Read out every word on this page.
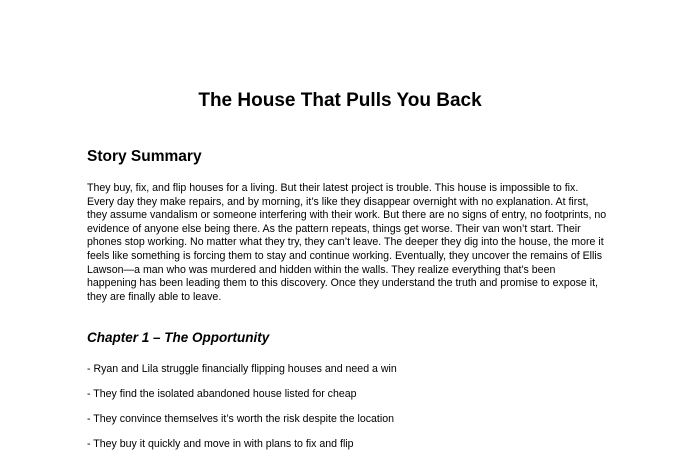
The House That Pulls You Back
Story Summary

They buy, fix, and flip houses for a living. But their latest project is trouble. This house is impossible to fix. Every day they make repairs, and by morning, it’s like they disappear overnight with no explanation. At first, they assume vandalism or someone interfering with their work. But there are no signs of entry, no footprints, no evidence of anyone else being there. As the pattern repeats, things get worse. Their van won’t start. Their phones stop working. No matter what they try, they can’t leave. The deeper they dig into the house, the more it feels like something is forcing them to stay and continue working. Eventually, they uncover the remains of Ellis Lawson—a man who was murdered and hidden within the walls. They realize everything that’s been happening has been leading them to this discovery. Once they understand the truth and promise to expose it, they are finally able to leave.

Chapter 1 – The Opportunity
- Ryan and Lila struggle financially flipping houses and need a win
- They find the isolated abandoned house listed for cheap
- They convince themselves it’s worth the risk despite the location
- They buy it quickly and move in with plans to fix and flip
